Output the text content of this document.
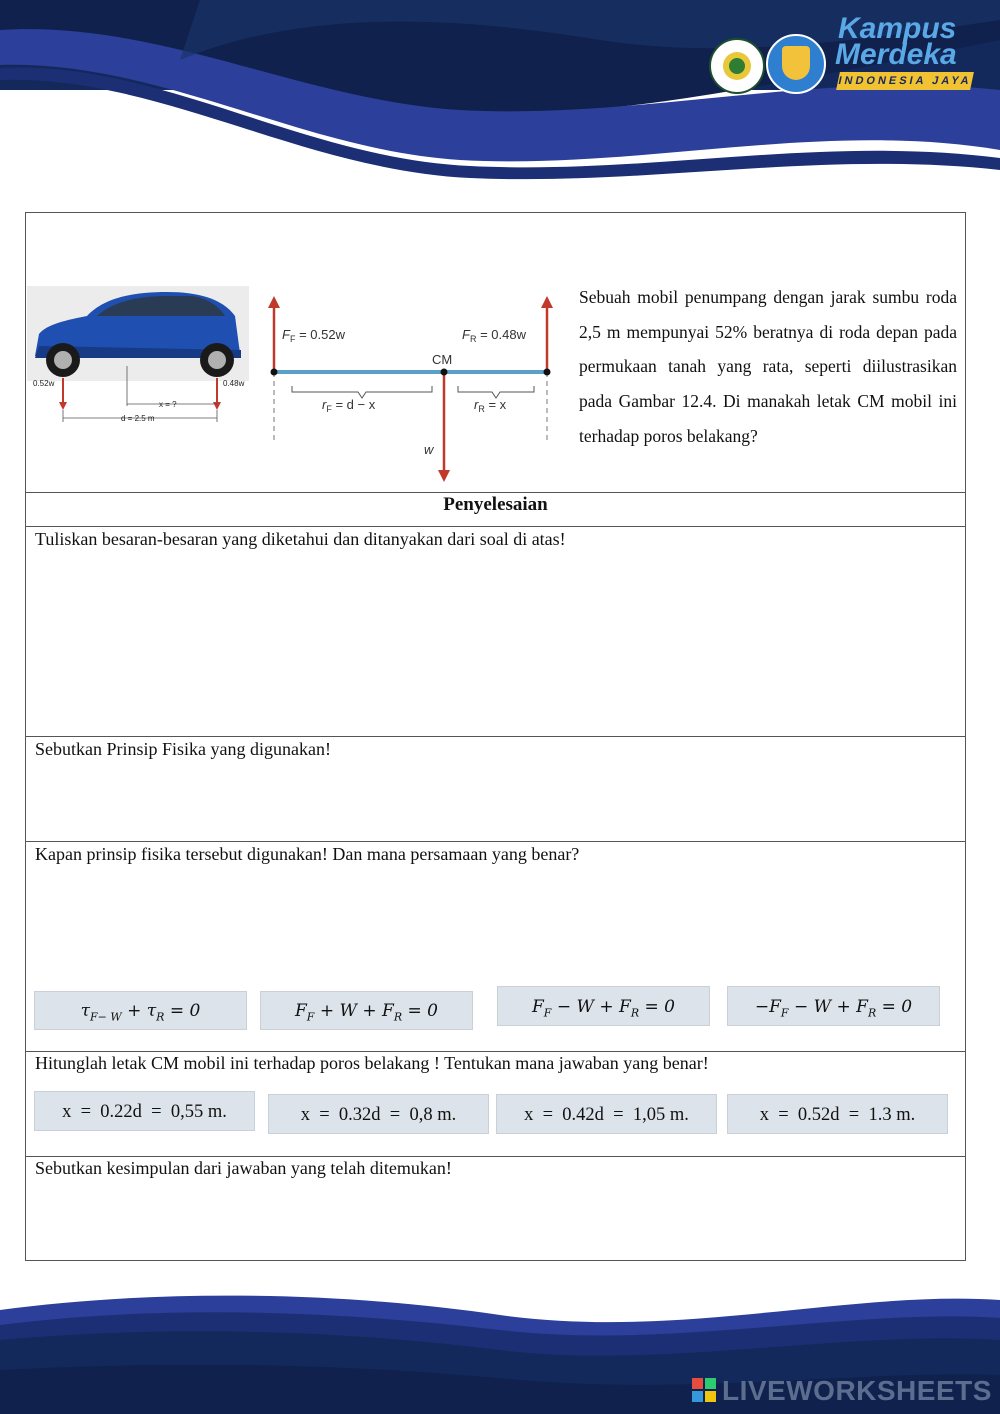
Kampus
Merdeka
INDONESIA JAYA
0.52w	0.48w
x = ?
d = 2.5 m
$F_F = 0.52w$	$F_R = 0.48w$
CM
$r_F = d - x$	$r_R = x$
w
Sebuah mobil penumpang dengan jarak sumbu roda 2,5 m mempunyai 52% beratnya di roda depan pada permukaan tanah yang rata, seperti diilustrasikan pada Gambar 12.4. Di manakah letak CM mobil ini terhadap poros belakang?
Penyelesaian
Tuliskan besaran-besaran yang diketahui dan ditanyakan dari soal di atas!
Sebutkan Prinsip Fisika yang digunakan!
Kapan prinsip fisika tersebut digunakan! Dan mana persamaan yang benar?
Hitunglah letak CM mobil ini terhadap poros belakang ! Tentukan mana jawaban yang benar!
Sebutkan kesimpulan dari jawaban yang telah ditemukan!
$\tau_{F- W} + \tau_R = 0$	$F_F + W + F_R = 0$	$F_F - W + F_R = 0$	$-F_F - W + F_R = 0$
x  =  0.22d  =  0,55 m.	x  =  0.32d  =  0,8 m.	x  =  0.42d  =  1,05 m.	x  =  0.52d  =  1.3 m.
LIVEWORKSHEETS
